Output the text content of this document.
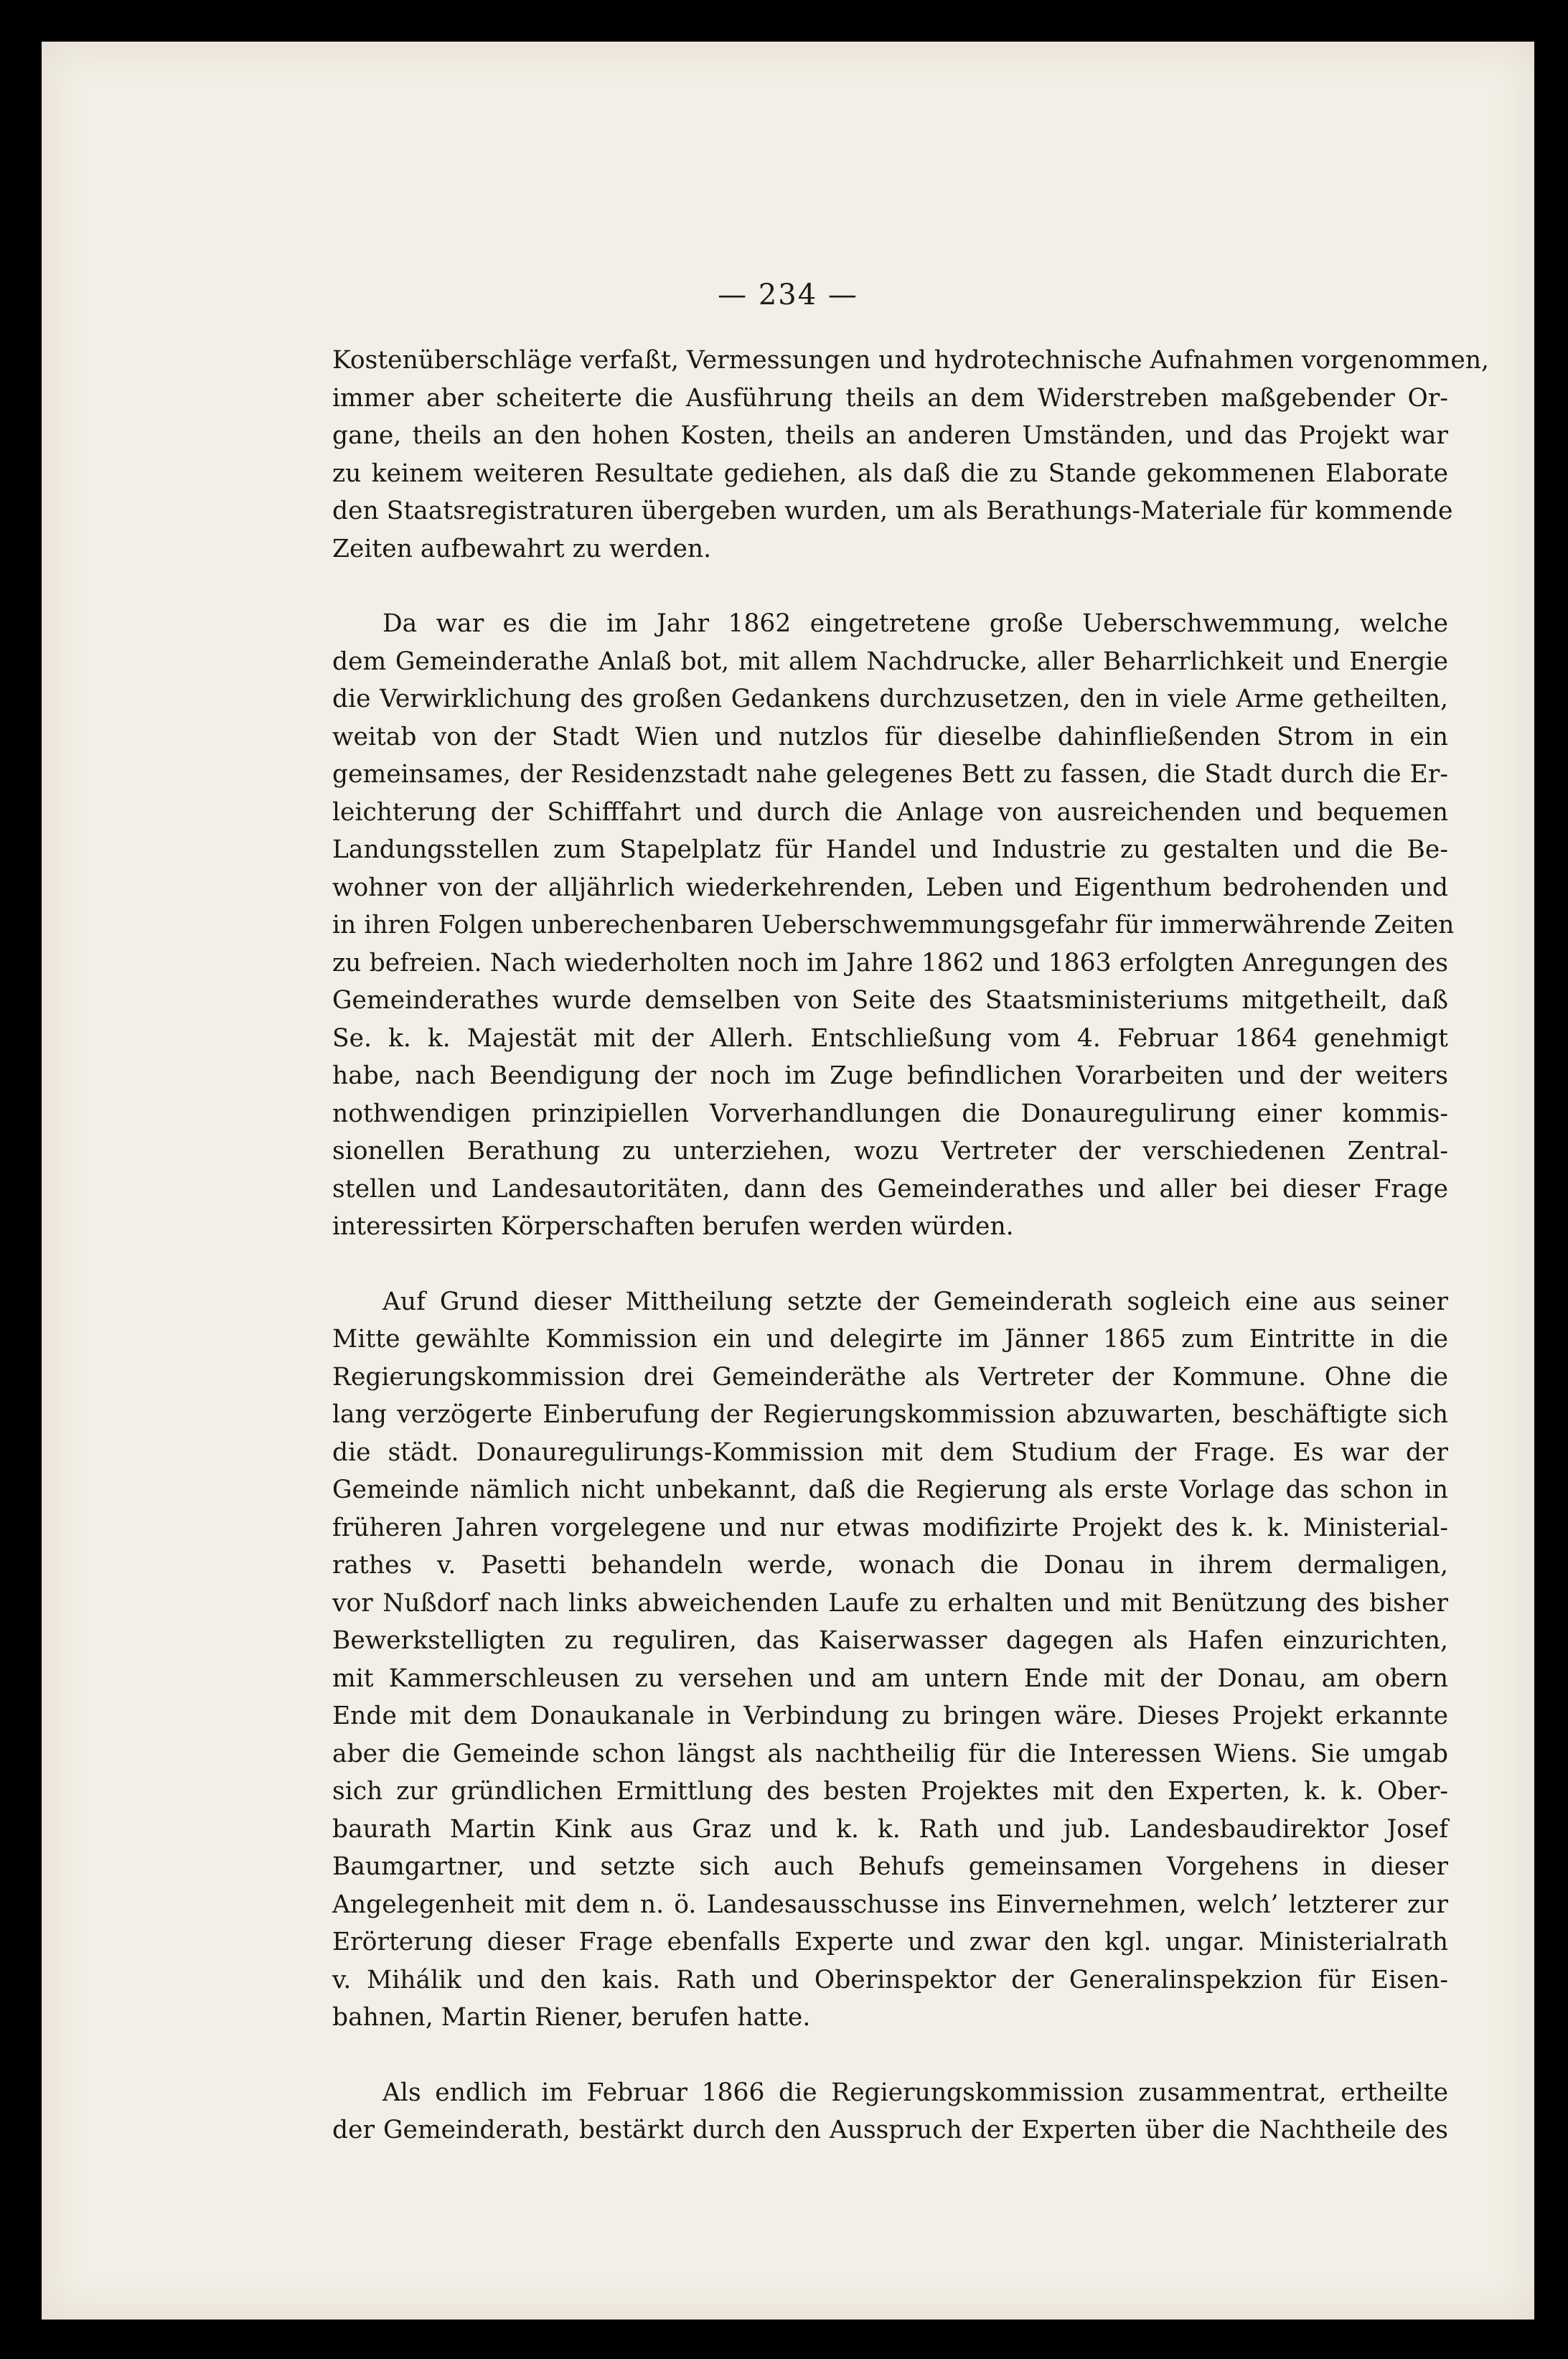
— 234 —
Kostenüberschläge verfaßt, Vermessungen und hydrotechnische Aufnahmen vorgenommen,
immer aber scheiterte die Ausführung theils an dem Widerstreben maßgebender Or-
gane, theils an den hohen Kosten, theils an anderen Umständen, und das Projekt war
zu keinem weiteren Resultate gediehen, als daß die zu Stande gekommenen Elaborate
den Staatsregistraturen übergeben wurden, um als Berathungs-Materiale für kommende
Zeiten aufbewahrt zu werden.
Da war es die im Jahr 1862 eingetretene große Ueberschwemmung, welche
dem Gemeinderathe Anlaß bot, mit allem Nachdrucke, aller Beharrlichkeit und Energie
die Verwirklichung des großen Gedankens durchzusetzen, den in viele Arme getheilten,
weitab von der Stadt Wien und nutzlos für dieselbe dahinfließenden Strom in ein
gemeinsames, der Residenzstadt nahe gelegenes Bett zu fassen, die Stadt durch die Er-
leichterung der Schifffahrt und durch die Anlage von ausreichenden und bequemen
Landungsstellen zum Stapelplatz für Handel und Industrie zu gestalten und die Be-
wohner von der alljährlich wiederkehrenden, Leben und Eigenthum bedrohenden und
in ihren Folgen unberechenbaren Ueberschwemmungsgefahr für immerwährende Zeiten
zu befreien. Nach wiederholten noch im Jahre 1862 und 1863 erfolgten Anregungen des
Gemeinderathes wurde demselben von Seite des Staatsministeriums mitgetheilt, daß
Se. k. k. Majestät mit der Allerh. Entschließung vom 4. Februar 1864 genehmigt
habe, nach Beendigung der noch im Zuge befindlichen Vorarbeiten und der weiters
nothwendigen prinzipiellen Vorverhandlungen die Donauregulirung einer kommis-
sionellen Berathung zu unterziehen, wozu Vertreter der verschiedenen Zentral-
stellen und Landesautoritäten, dann des Gemeinderathes und aller bei dieser Frage
interessirten Körperschaften berufen werden würden.
Auf Grund dieser Mittheilung setzte der Gemeinderath sogleich eine aus seiner
Mitte gewählte Kommission ein und delegirte im Jänner 1865 zum Eintritte in die
Regierungskommission drei Gemeinderäthe als Vertreter der Kommune. Ohne die
lang verzögerte Einberufung der Regierungskommission abzuwarten, beschäftigte sich
die städt. Donauregulirungs-Kommission mit dem Studium der Frage. Es war der
Gemeinde nämlich nicht unbekannt, daß die Regierung als erste Vorlage das schon in
früheren Jahren vorgelegene und nur etwas modifizirte Projekt des k. k. Ministerial-
rathes v. Pasetti behandeln werde, wonach die Donau in ihrem dermaligen,
vor Nußdorf nach links abweichenden Laufe zu erhalten und mit Benützung des bisher
Bewerkstelligten zu reguliren, das Kaiserwasser dagegen als Hafen einzurichten,
mit Kammerschleusen zu versehen und am untern Ende mit der Donau, am obern
Ende mit dem Donaukanale in Verbindung zu bringen wäre. Dieses Projekt erkannte
aber die Gemeinde schon längst als nachtheilig für die Interessen Wiens. Sie umgab
sich zur gründlichen Ermittlung des besten Projektes mit den Experten, k. k. Ober-
baurath Martin Kink aus Graz und k. k. Rath und jub. Landesbaudirektor Josef
Baumgartner, und setzte sich auch Behufs gemeinsamen Vorgehens in dieser
Angelegenheit mit dem n. ö. Landesausschusse ins Einvernehmen, welch’ letzterer zur
Erörterung dieser Frage ebenfalls Experte und zwar den kgl. ungar. Ministerialrath
v. Mihálik und den kais. Rath und Oberinspektor der Generalinspekzion für Eisen-
bahnen, Martin Riener, berufen hatte.
Als endlich im Februar 1866 die Regierungskommission zusammentrat, ertheilte
der Gemeinderath, bestärkt durch den Ausspruch der Experten über die Nachtheile des
